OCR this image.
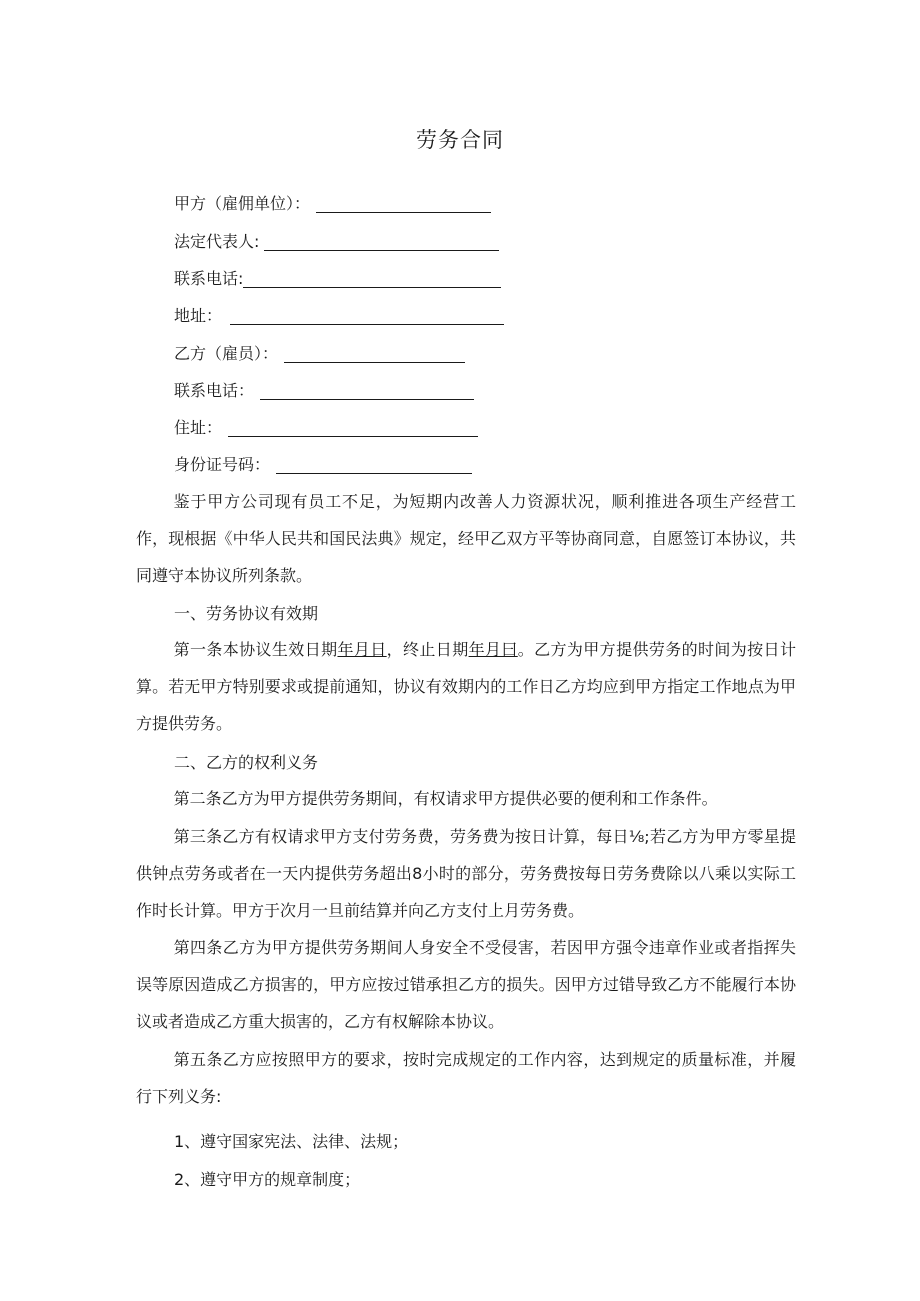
劳务合同
甲方（雇佣单位）：
法定代表人:
联系电话:
地址：
乙方（雇员）：
联系电话：
住址：
身份证号码：
鉴于甲方公司现有员工不足，为短期内改善人力资源状况，顺利推进各项生产经营工作，现根据《中华人民共和国民法典》规定，经甲乙双方平等协商同意，自愿签订本协议，共同遵守本协议所列条款。
一、劳务协议有效期
第一条本协议生效日期年月日，终止日期年月曰。乙方为甲方提供劳务的时间为按日计算。若无甲方特别要求或提前通知，协议有效期内的工作日乙方均应到甲方指定工作地点为甲方提供劳务。
二、乙方的权利义务
第二条乙方为甲方提供劳务期间，有权请求甲方提供必要的便利和工作条件。
第三条乙方有权请求甲方支付劳务费，劳务费为按日计算，每日⅛;若乙方为甲方零星提供钟点劳务或者在一天内提供劳务超出8小时的部分，劳务费按每日劳务费除以八乘以实际工作时长计算。甲方于次月一旦前结算并向乙方支付上月劳务费。
第四条乙方为甲方提供劳务期间人身安全不受侵害，若因甲方强令违章作业或者指挥失误等原因造成乙方损害的，甲方应按过错承担乙方的损失。因甲方过错导致乙方不能履行本协议或者造成乙方重大损害的，乙方有权解除本协议。
第五条乙方应按照甲方的要求，按时完成规定的工作内容，达到规定的质量标准，并履行下列义务:
1、遵守国家宪法、法律、法规；
2、遵守甲方的规章制度；
